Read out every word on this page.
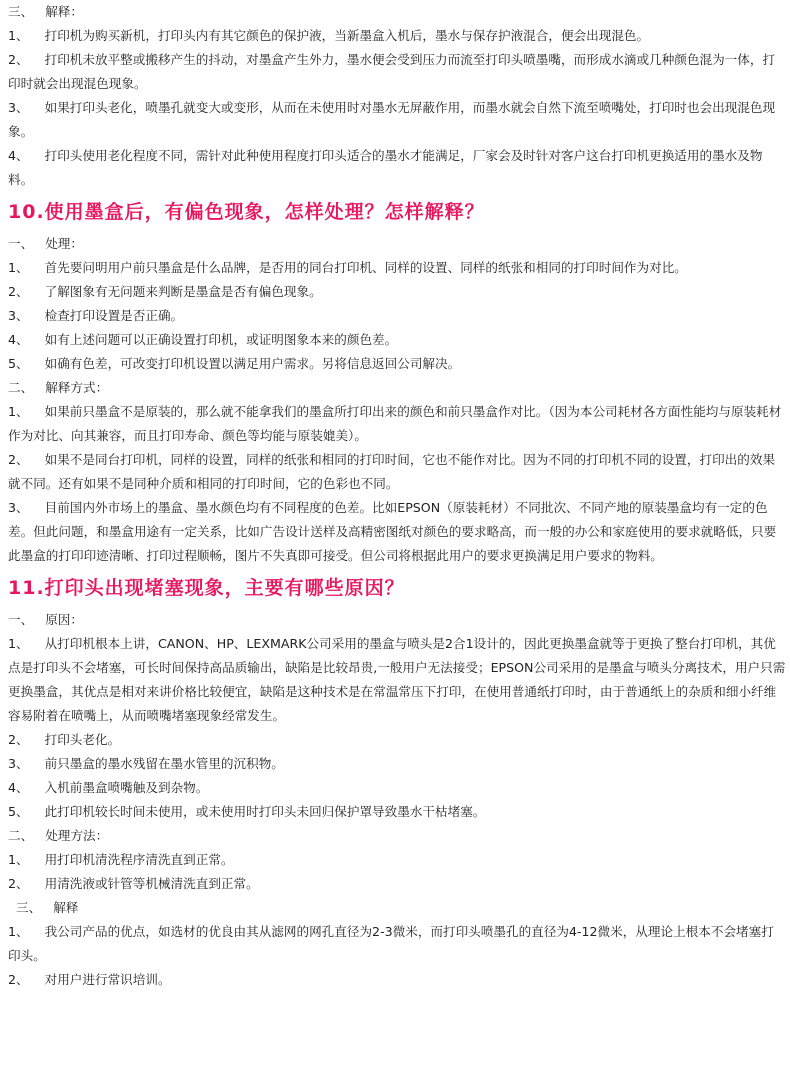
三、   解释：

1、    打印机为购买新机，打印头内有其它颜色的保护液，当新墨盒入机后，墨水与保存护液混合，便会出现混色。

2、    打印机未放平整或搬移产生的抖动，对墨盒产生外力，墨水便会受到压力而流至打印头喷墨嘴，而形成水滴或几种颜色混为一体，打印时就会出现混色现象。

3、    如果打印头老化，喷墨孔就变大或变形，从而在未使用时对墨水无屏蔽作用，而墨水就会自然下流至喷嘴处，打印时也会出现混色现象。

4、    打印头使用老化程度不同，需针对此种使用程度打印头适合的墨水才能满足，厂家会及时针对客户这台打印机更换适用的墨水及物料。

10.使用墨盒后，有偏色现象，怎样处理？怎样解释？

一、   处理：

1、    首先要问明用户前只墨盒是什么品牌，是否用的同台打印机、同样的设置、同样的纸张和相同的打印时间作为对比。

2、    了解图象有无问题来判断是墨盒是否有偏色现象。

3、    检查打印设置是否正确。

4、    如有上述问题可以正确设置打印机，或证明图象本来的颜色差。

5、    如确有色差，可改变打印机设置以满足用户需求。另将信息返回公司解决。

二、   解释方式：

1、    如果前只墨盒不是原装的，那么就不能拿我们的墨盒所打印出来的颜色和前只墨盒作对比。（因为本公司耗材各方面性能均与原装耗材作为对比、向其兼容，而且打印寿命、颜色等均能与原装媲美）。

2、    如果不是同台打印机，同样的设置，同样的纸张和相同的打印时间，它也不能作对比。因为不同的打印机不同的设置，打印出的效果就不同。还有如果不是同种介质和相同的打印时间，它的色彩也不同。

3、    目前国内外市场上的墨盒、墨水颜色均有不同程度的色差。比如EPSON（原装耗材）不同批次、不同产地的原装墨盒均有一定的色差。但此问题，和墨盒用途有一定关系，比如广告设计送样及高精密图纸对颜色的要求略高，而一般的办公和家庭使用的要求就略低，只要此墨盒的打印印迹清晰、打印过程顺畅，图片不失真即可接受。但公司将根据此用户的要求更换满足用户要求的物料。

11.打印头出现堵塞现象，主要有哪些原因？

一、   原因：

1、    从打印机根本上讲，CANON、HP、LEXMARK公司采用的墨盒与喷头是2合1设计的，因此更换墨盒就等于更换了整台打印机，其优点是打印头不会堵塞，可长时间保持高品质输出，缺陷是比较昂贵,一般用户无法接受；EPSON公司采用的是墨盒与喷头分离技术，用户只需更换墨盒，其优点是相对来讲价格比较便宜，缺陷是这种技术是在常温常压下打印，在使用普通纸打印时，由于普通纸上的杂质和细小纤维容易附着在喷嘴上，从而喷嘴堵塞现象经常发生。

2、    打印头老化。

3、    前只墨盒的墨水残留在墨水管里的沉积物。

4、    入机前墨盒喷嘴触及到杂物。

5、    此打印机较长时间未使用，或未使用时打印头未回归保护罩导致墨水干枯堵塞。

二、   处理方法：

1、    用打印机清洗程序清洗直到正常。

2、    用清洗液或针管等机械清洗直到正常。

三、   解释

1、    我公司产品的优点，如选材的优良由其从滤网的网孔直径为2-3微米，而打印头喷墨孔的直径为4-12微米，从理论上根本不会堵塞打印头。

2、    对用户进行常识培训。
